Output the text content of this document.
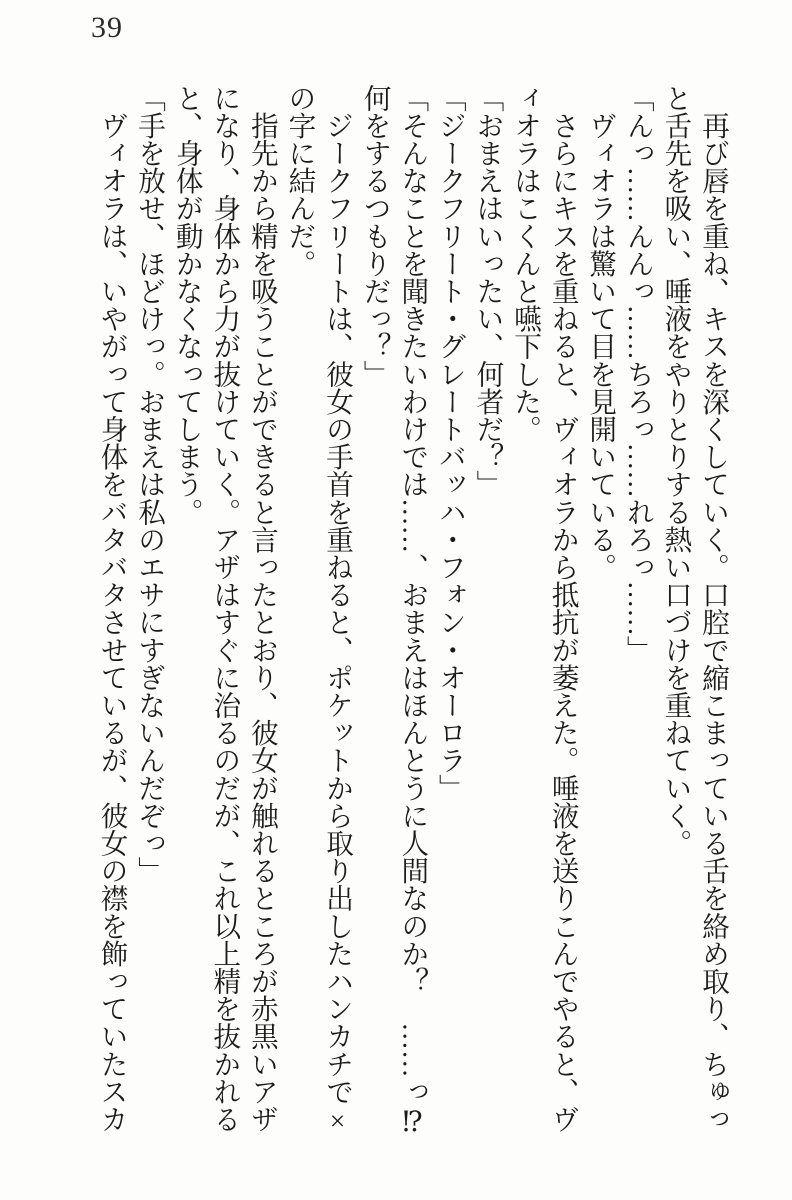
39

　再び唇を重ね、キスを深くしていく。口腔で縮こまっている舌を絡め取り、ちゅっ

と舌先を吸い、唾液をやりとりする熱い口づけを重ねていく。

「んっ……んんっ……ちろっ……れろっ……」

　ヴィオラは驚いて目を見開いている。

　さらにキスを重ねると、ヴィオラから抵抗が萎えた。唾液を送りこんでやると、ヴ

ィオラはこくんと嚥下した。

「おまえはいったい、何者だ？」

「ジークフリート・グレートバッハ・フォン・オーロラ」

「そんなことを聞きたいわけでは……、おまえはほんとうに人間なのか？　……っ⁉

何をするつもりだっ？」

　ジークフリートは、彼女の手首を重ねると、ポケットから取り出したハンカチで×

の字に結んだ。

　指先から精を吸うことができると言ったとおり、彼女が触れるところが赤黒いアザ

になり、身体から力が抜けていく。アザはすぐに治るのだが、これ以上精を抜かれる

と、身体が動かなくなってしまう。

「手を放せ、ほどけっ。おまえは私のエサにすぎないんだぞっ」

　ヴィオラは、いやがって身体をバタバタさせているが、彼女の襟を飾っていたスカ
